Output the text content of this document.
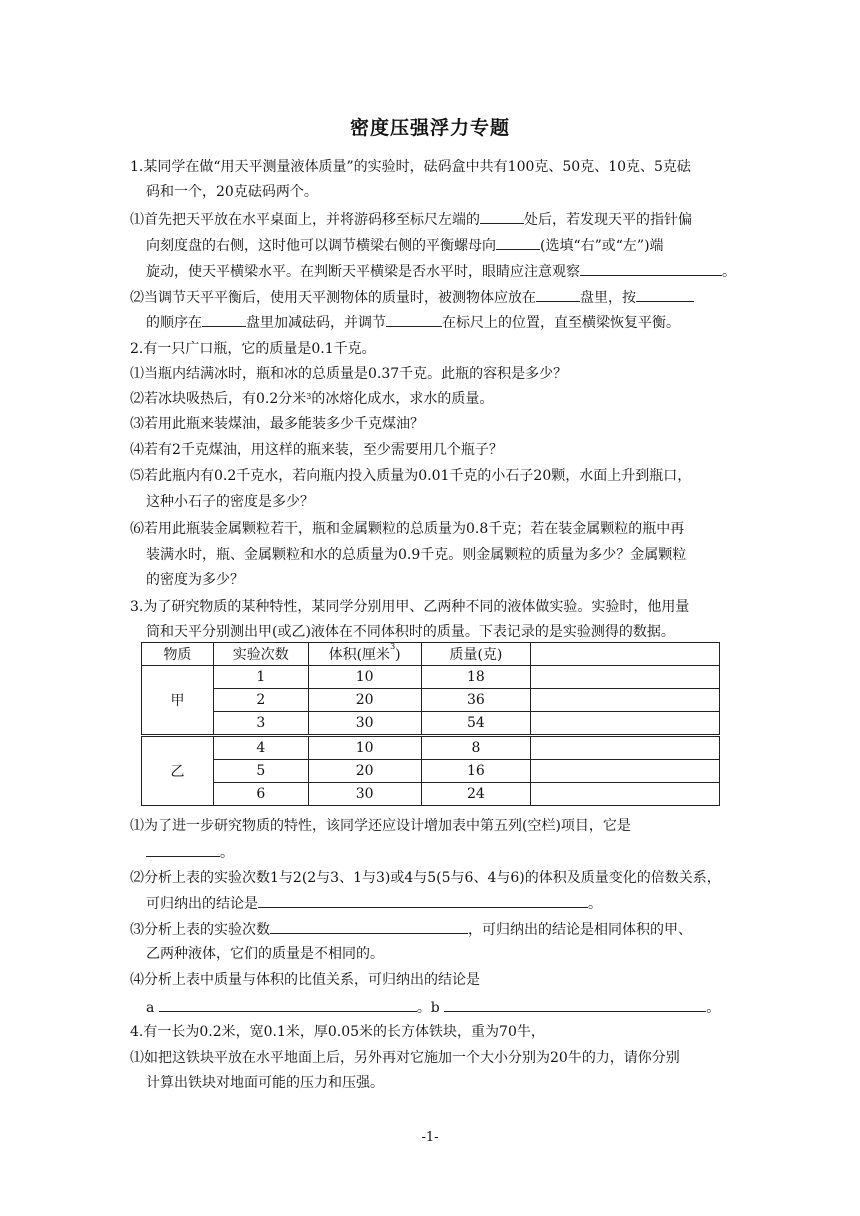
密度压强浮力专题
1.某同学在做“用天平测量液体质量”的实验时，砝码盒中共有100克、50克、10克、5克砝
码和一个，20克砝码两个。
⑴首先把天平放在水平桌面上，并将游码移至标尺左端的	处后，若发现天平的指针偏
向刻度盘的右侧，这时他可以调节横梁右侧的平衡螺母向	(选填“右”或“左”)端
旋动，使天平横梁水平。在判断天平横梁是否水平时，眼睛应注意观察	。
⑵当调节天平平衡后，使用天平测物体的质量时，被测物体应放在	盘里，按
的顺序在	盘里加减砝码，并调节	在标尺上的位置，直至横梁恢复平衡。
2.有一只广口瓶，它的质量是0.1千克。
⑴当瓶内结满冰时，瓶和冰的总质量是0.37千克。此瓶的容积是多少？
⑵若冰块吸热后，有0.2分米$^3$的冰熔化成水，求水的质量。
⑶若用此瓶来装煤油，最多能装多少千克煤油？
⑷若有2千克煤油，用这样的瓶来装，至少需要用几个瓶子？
⑸若此瓶内有0.2千克水，若向瓶内投入质量为0.01千克的小石子20颗，水面上升到瓶口，
这种小石子的密度是多少？
⑹若用此瓶装金属颗粒若干，瓶和金属颗粒的总质量为0.8千克；若在装金属颗粒的瓶中再
装满水时，瓶、金属颗粒和水的总质量为0.9千克。则金属颗粒的质量为多少？金属颗粒
的密度为多少？
3.为了研究物质的某种特性，某同学分别用甲、乙两种不同的液体做实验。实验时，他用量
筒和天平分别测出甲(或乙)液体在不同体积时的质量。下表记录的是实验测得的数据。
物质	实验次数	体积(厘米$^3$)	质量(克)	
甲	1	10	18	
	2	20	36	
	3	30	54	
乙	4	10	8	
	5	20	16	
	6	30	24	
⑴为了进一步研究物质的特性，该同学还应设计增加表中第五列(空栏)项目，它是
。
⑵分析上表的实验次数1与2(2与3、1与3)或4与5(5与6、4与6)的体积及质量变化的倍数关系，
可归纳出的结论是	。
⑶分析上表的实验次数	，可归纳出的结论是相同体积的甲、
乙两种液体，它们的质量是不相同的。
⑷分析上表中质量与体积的比值关系，可归纳出的结论是
a	。b	。
4.有一长为0.2米，宽0.1米，厚0.05米的长方体铁块，重为70牛，
⑴如把这铁块平放在水平地面上后，另外再对它施加一个大小分别为20牛的力，请你分别
计算出铁块对地面可能的压力和压强。
-1-
